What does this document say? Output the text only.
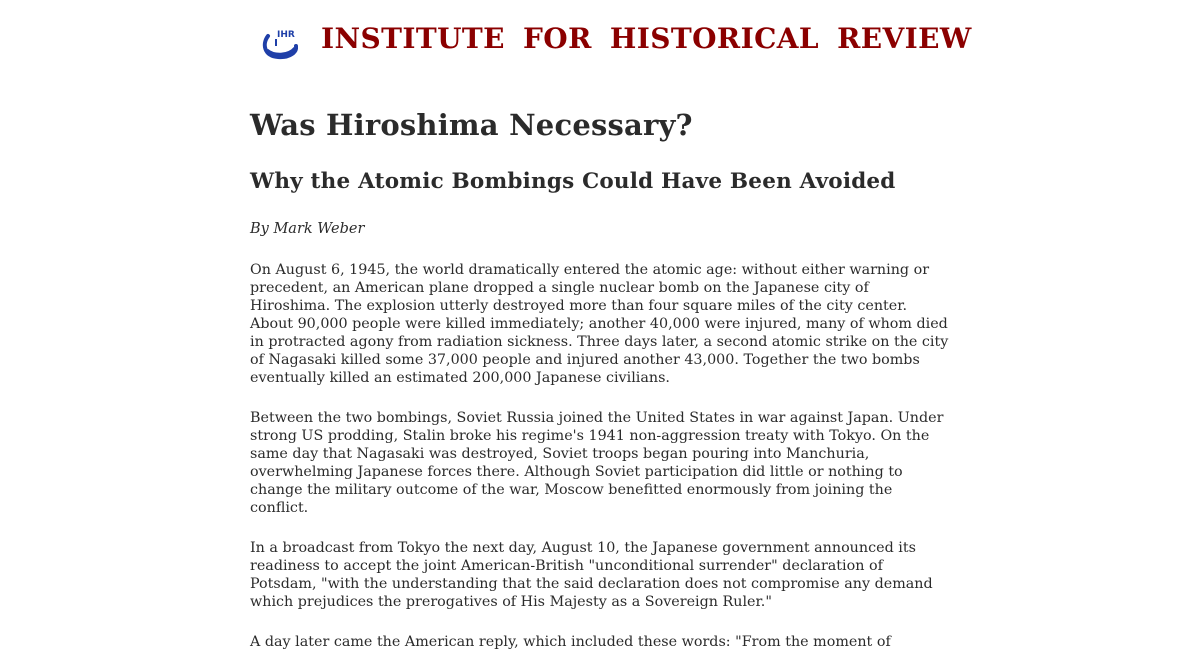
IHR INSTITUTE FOR HISTORICAL REVIEW
Was Hiroshima Necessary?
Why the Atomic Bombings Could Have Been Avoided

By Mark Weber

On August 6, 1945, the world dramatically entered the atomic age: without either warning or precedent, an American plane dropped a single nuclear bomb on the Japanese city of Hiroshima. The explosion utterly destroyed more than four square miles of the city center. About 90,000 people were killed immediately; another 40,000 were injured, many of whom died in protracted agony from radiation sickness. Three days later, a second atomic strike on the city of Nagasaki killed some 37,000 people and injured another 43,000. Together the two bombs eventually killed an estimated 200,000 Japanese civilians.

Between the two bombings, Soviet Russia joined the United States in war against Japan. Under strong US prodding, Stalin broke his regime's 1941 non-aggression treaty with Tokyo. On the same day that Nagasaki was destroyed, Soviet troops began pouring into Manchuria, overwhelming Japanese forces there. Although Soviet participation did little or nothing to change the military outcome of the war, Moscow benefitted enormously from joining the conflict.

In a broadcast from Tokyo the next day, August 10, the Japanese government announced its readiness to accept the joint American-British "unconditional surrender" declaration of Potsdam, "with the understanding that the said declaration does not compromise any demand which prejudices the prerogatives of His Majesty as a Sovereign Ruler."

A day later came the American reply, which included these words: "From the moment of
